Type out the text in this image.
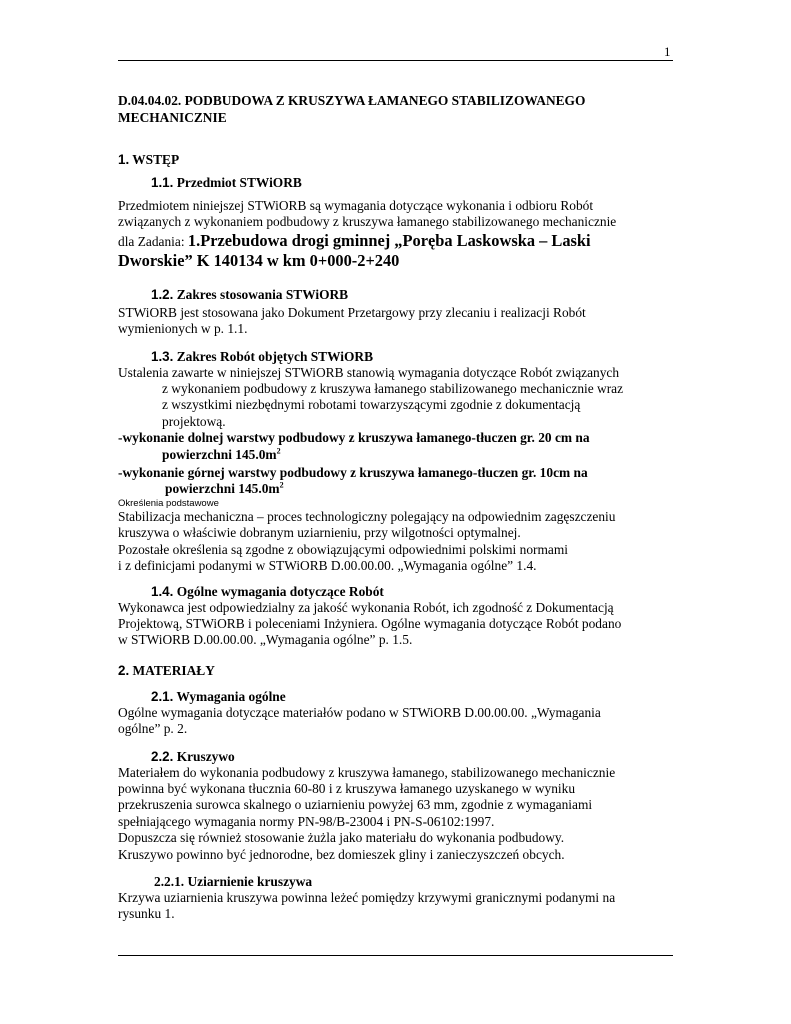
1
D.04.04.02. PODBUDOWA Z KRUSZYWA ŁAMANEGO STABILIZOWANEGO
MECHANICZNIE
1. WSTĘP
1.1. Przedmiot STWiORB
Przedmiotem niniejszej STWiORB są wymagania dotyczące wykonania i odbioru Robót
związanych z wykonaniem podbudowy z kruszywa łamanego stabilizowanego mechanicznie
dla Zadania: 1.Przebudowa drogi gminnej „Poręba Laskowska – Laski
Dworskie” K 140134 w km 0+000-2+240
1.2. Zakres stosowania STWiORB
STWiORB jest stosowana jako Dokument Przetargowy przy zlecaniu i realizacji Robót
wymienionych w p. 1.1.
1.3. Zakres Robót objętych STWiORB
Ustalenia zawarte w niniejszej STWiORB stanowią wymagania dotyczące Robót związanych
z wykonaniem podbudowy z kruszywa łamanego stabilizowanego mechanicznie wraz
z wszystkimi niezbędnymi robotami towarzyszącymi zgodnie z dokumentacją
projektową.
-wykonanie dolnej warstwy podbudowy z kruszywa łamanego-tłuczen gr. 20 cm na
powierzchni $145.0m^2$
-wykonanie górnej warstwy podbudowy z kruszywa łamanego-tłuczen gr. 10cm na
powierzchni $145.0m^2$
Określenia podstawowe
Stabilizacja mechaniczna – proces technologiczny polegający na odpowiednim zagęszczeniu
kruszywa o właściwie dobranym uziarnieniu, przy wilgotności optymalnej.
Pozostałe określenia są zgodne z obowiązującymi odpowiednimi polskimi normami
i z definicjami podanymi w STWiORB D.00.00.00. „Wymagania ogólne” 1.4.
1.4. Ogólne wymagania dotyczące Robót
Wykonawca jest odpowiedzialny za jakość wykonania Robót, ich zgodność z Dokumentacją
Projektową, STWiORB i poleceniami Inżyniera. Ogólne wymagania dotyczące Robót podano
w STWiORB D.00.00.00. „Wymagania ogólne” p. 1.5.
2. MATERIAŁY
2.1. Wymagania ogólne
Ogólne wymagania dotyczące materiałów podano w STWiORB D.00.00.00. „Wymagania
ogólne” p. 2.
2.2. Kruszywo
Materiałem do wykonania podbudowy z kruszywa łamanego, stabilizowanego mechanicznie
powinna być wykonana tłucznia 60-80 i z kruszywa łamanego uzyskanego w wyniku
przekruszenia surowca skalnego o uziarnieniu powyżej 63 mm, zgodnie z wymaganiami
spełniającego wymagania normy PN-98/B-23004 i PN-S-06102:1997.
Dopuszcza się również stosowanie żużla jako materiału do wykonania podbudowy.
Kruszywo powinno być jednorodne, bez domieszek gliny i zanieczyszczeń obcych.
2.2.1. Uziarnienie kruszywa
Krzywa uziarnienia kruszywa powinna leżeć pomiędzy krzywymi granicznymi podanymi na
rysunku 1.
